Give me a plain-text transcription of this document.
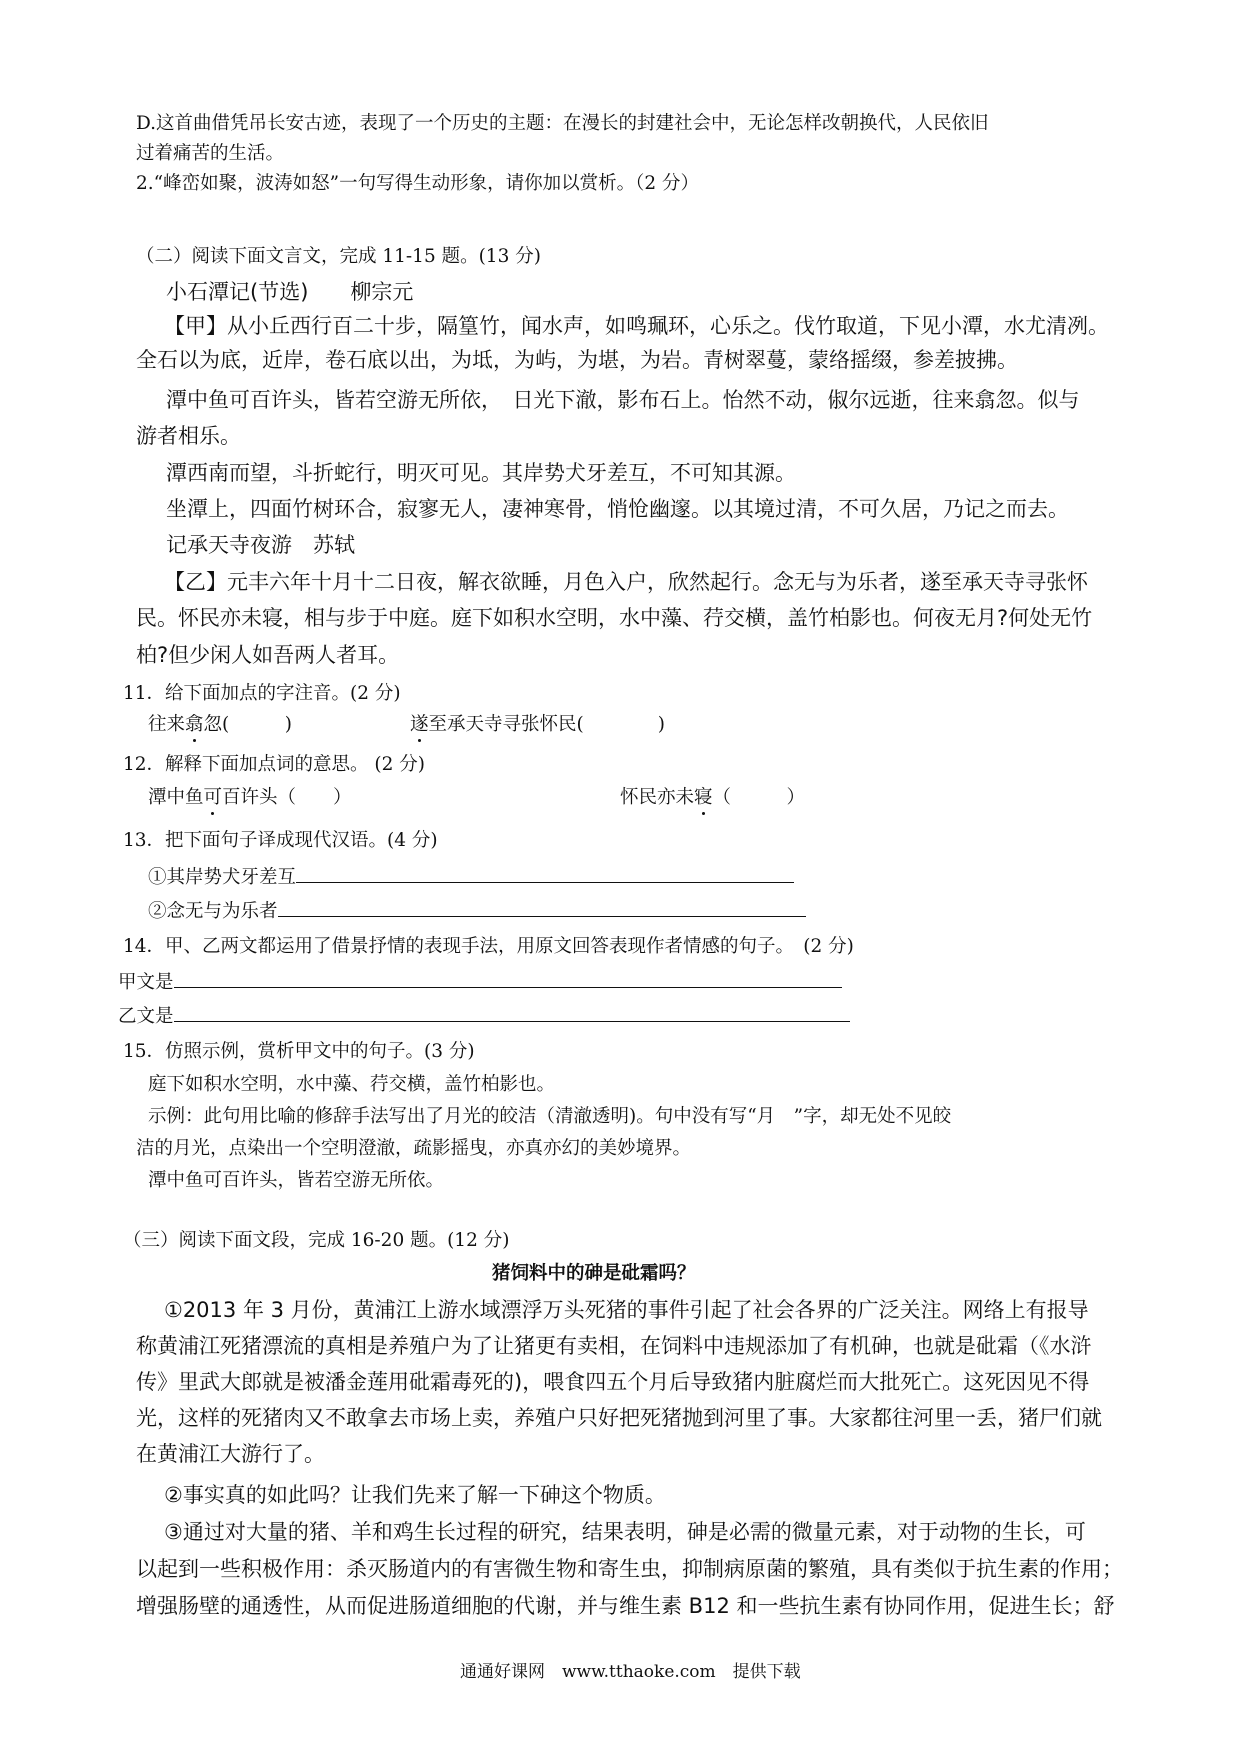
D.这首曲借凭吊长安古迹，表现了一个历史的主题：在漫长的封建社会中，无论怎样改朝换代，人民依旧
过着痛苦的生活。
2.“峰峦如聚，波涛如怒”一句写得生动形象，请你加以赏析。（2 分）
（二）阅读下面文言文，完成 11-15 题。(13 分)
小石潭记(节选)　　柳宗元
【甲】从小丘西行百二十步，隔篁竹，闻水声，如鸣珮环，心乐之。伐竹取道，下见小潭，水尤清冽。
全石以为底，近岸，卷石底以出，为坻，为屿，为堪，为岩。青树翠蔓，蒙络摇缀，参差披拂。
潭中鱼可百许头，皆若空游无所依，　日光下澈，影布石上。怡然不动，俶尔远逝，往来翕忽。似与
游者相乐。
潭西南而望，斗折蛇行，明灭可见。其岸势犬牙差互，不可知其源。
坐潭上，四面竹树环合，寂寥无人，凄神寒骨，悄怆幽邃。以其境过清，不可久居，乃记之而去。
记承天寺夜游　苏轼
【乙】元丰六年十月十二日夜，解衣欲睡，月色入户，欣然起行。念无与为乐者，遂至承天寺寻张怀
民。怀民亦未寝，相与步于中庭。庭下如积水空明，水中藻、荇交横，盖竹柏影也。何夜无月?何处无竹
柏?但少闲人如吾两人者耳。
11．给下面加点的字注音。(2 分)
往来翕忽(　　　)	遂至承天寺寻张怀民(　　　　)
12．解释下面加点词的意思。 (2 分)
潭中鱼可百许头（　　）	怀民亦未寝（　　　）
13．把下面句子译成现代汉语。(4 分)
①其岸势犬牙差互
②念无与为乐者
14．甲、乙两文都运用了借景抒情的表现手法，用原文回答表现作者情感的句子。　(2 分)
甲文是
乙文是
15．仿照示例，赏析甲文中的句子。(3 分)
庭下如积水空明，水中藻、荇交横，盖竹柏影也。
示例：此句用比喻的修辞手法写出了月光的皎洁（清澈透明)。句中没有写“月　”字，却无处不见皎
洁的月光，点染出一个空明澄澈，疏影摇曳，亦真亦幻的美妙境界。
潭中鱼可百许头，皆若空游无所依。
（三）阅读下面文段，完成 16-20 题。(12 分)
猪饲料中的砷是砒霜吗？
①2013 年 3 月份，黄浦江上游水域漂浮万头死猪的事件引起了社会各界的广泛关注。网络上有报导
称黄浦江死猪漂流的真相是养殖户为了让猪更有卖相，在饲料中违规添加了有机砷，也就是砒霜（《水浒
传》里武大郎就是被潘金莲用砒霜毒死的)，喂食四五个月后导致猪内脏腐烂而大批死亡。这死因见不得
光，这样的死猪肉又不敢拿去市场上卖，养殖户只好把死猪抛到河里了事。大家都往河里一丢，猪尸们就
在黄浦江大游行了。
②事实真的如此吗？让我们先来了解一下砷这个物质。
③通过对大量的猪、羊和鸡生长过程的研究，结果表明，砷是必需的微量元素，对于动物的生长，可
以起到一些积极作用：杀灭肠道内的有害微生物和寄生虫，抑制病原菌的繁殖，具有类似于抗生素的作用；
增强肠壁的通透性，从而促进肠道细胞的代谢，并与维生素 B12 和一些抗生素有协同作用，促进生长；舒
通通好课网　www.tthaoke.com　提供下载
